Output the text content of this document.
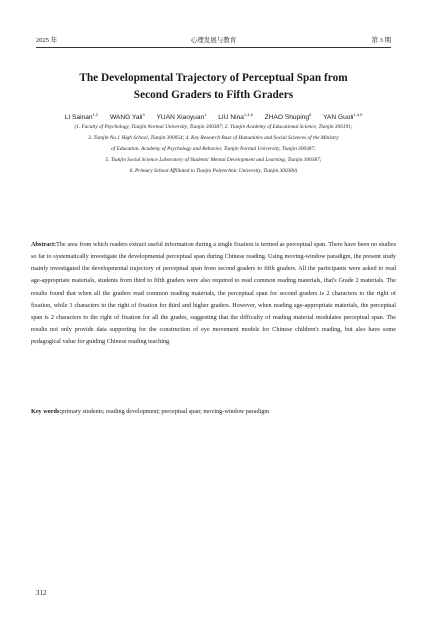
2025 年	心理发展与教育	第 3 期
The Developmental Trajectory of Perceptual Span from
Second Graders to Fifth Graders
LI Sainan$^{1,2}$ WANG Yali$^3$ YUAN Xiaoyuan$^1$ LIU Nina$^{1,4,5}$ ZHAO Shuping$^6$ YAN Guoli$^{1,4,5}$
(1. Faculty of Psychology, Tianjin Normal University, Tianjin 300387; 2. Tianjin Academy of Educational Science, Tianjin 300191;
3. Tianjin No.1 High School, Tianjin 300054; 4. Key Research Base of Humanities and Social Sciences of the Ministry
of Education, Academy of Psychology and Behavior, Tianjin Normal University, Tianjin 300387;
5. Tianjin Social Science Laboratory of Students' Mental Development and Learning, Tianjin 300387;
6. Primary School Affiliated to Tianjin Polytechnic University, Tianjin 300380)
Abstract:The area from which readers extract useful information during a single fixation is termed as perceptual span. There have been no studies so far to systematically investigate the developmental perceptual span during Chinese reading. Using moving-window paradigm, the present study mainly investigated the developmental trajectory of perceptual span from second graders to fifth graders. All the participants were asked to read age-appropriate materials, students from third to fifth graders were also required to read common reading materials, that's Grade 2 materials. The results found that when all the graders read common reading materials, the perceptual span for second graders is 2 characters to the right of fixation, while 3 characters to the right of fixation for third and higher graders. However, when reading age-appropriate materials, the perceptual span is 2 characters to the right of fixation for all the grades, suggesting that the difficulty of reading material modulates perceptual span. The results not only provide data supporting for the construction of eye movement models for Chinese children's reading, but also have some pedagogical value for guiding Chinese reading teaching.
Key words:primary students; reading development; perceptual span; moving-window paradigm
312
